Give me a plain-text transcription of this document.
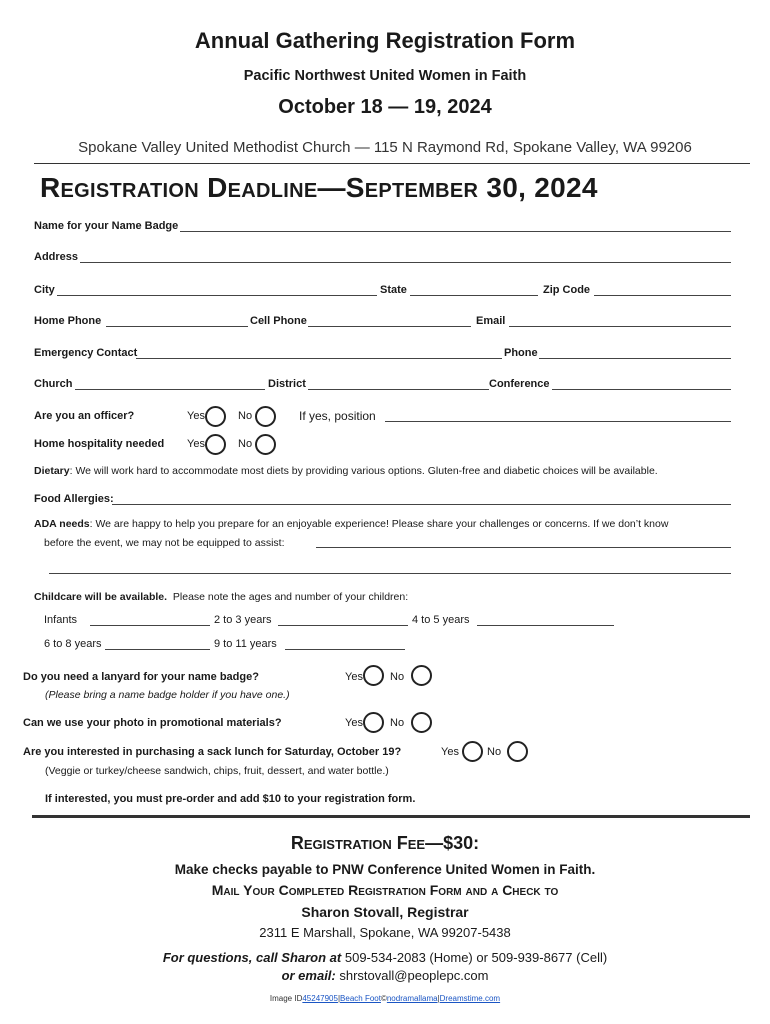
Annual Gathering Registration Form
Pacific Northwest United Women in Faith
October 18 — 19, 2024
Spokane Valley United Methodist Church — 115 N Raymond Rd, Spokane Valley, WA 99206
Registration Deadline—September 30, 2024
Name for your Name Badge
Address
City	State	Zip Code
Home Phone	Cell Phone	Email
Emergency Contact	Phone
Church	District	Conference
Are you an officer?	Yes	No	If yes, position
Home hospitality needed Yes	No
Dietary: We will work hard to accommodate most diets by providing various options. Gluten-free and diabetic choices will be available.
Food Allergies:
ADA needs: We are happy to help you prepare for an enjoyable experience! Please share your challenges or concerns. If we don’t know
before the event, we may not be equipped to assist:
Childcare will be available. Please note the ages and number of your children:
Infants	2 to 3 years	4 to 5 years
6 to 8 years	9 to 11 years
Do you need a lanyard for your name badge?	Yes No
(Please bring a name badge holder if you have one.)
Can we use your photo in promotional materials?	Yes No
Are you interested in purchasing a sack lunch for Saturday, October 19?	Yes	No
(Veggie or turkey/cheese sandwich, chips, fruit, dessert, and water bottle.)
If interested, you must pre-order and add $10 to your registration form.
Registration Fee—$30:
Make checks payable to PNW Conference United Women in Faith.
Mail Your Completed Registration Form and a Check to
Sharon Stovall, Registrar
2311 E Marshall, Spokane, WA 99207-5438
For questions, call Sharon at 509-534-2083 (Home) or 509-939-8677 (Cell)
or email: shrstovall@peoplepc.com
Image ID45247905|Beach Foot©nodramallama|Dreamstime.com
